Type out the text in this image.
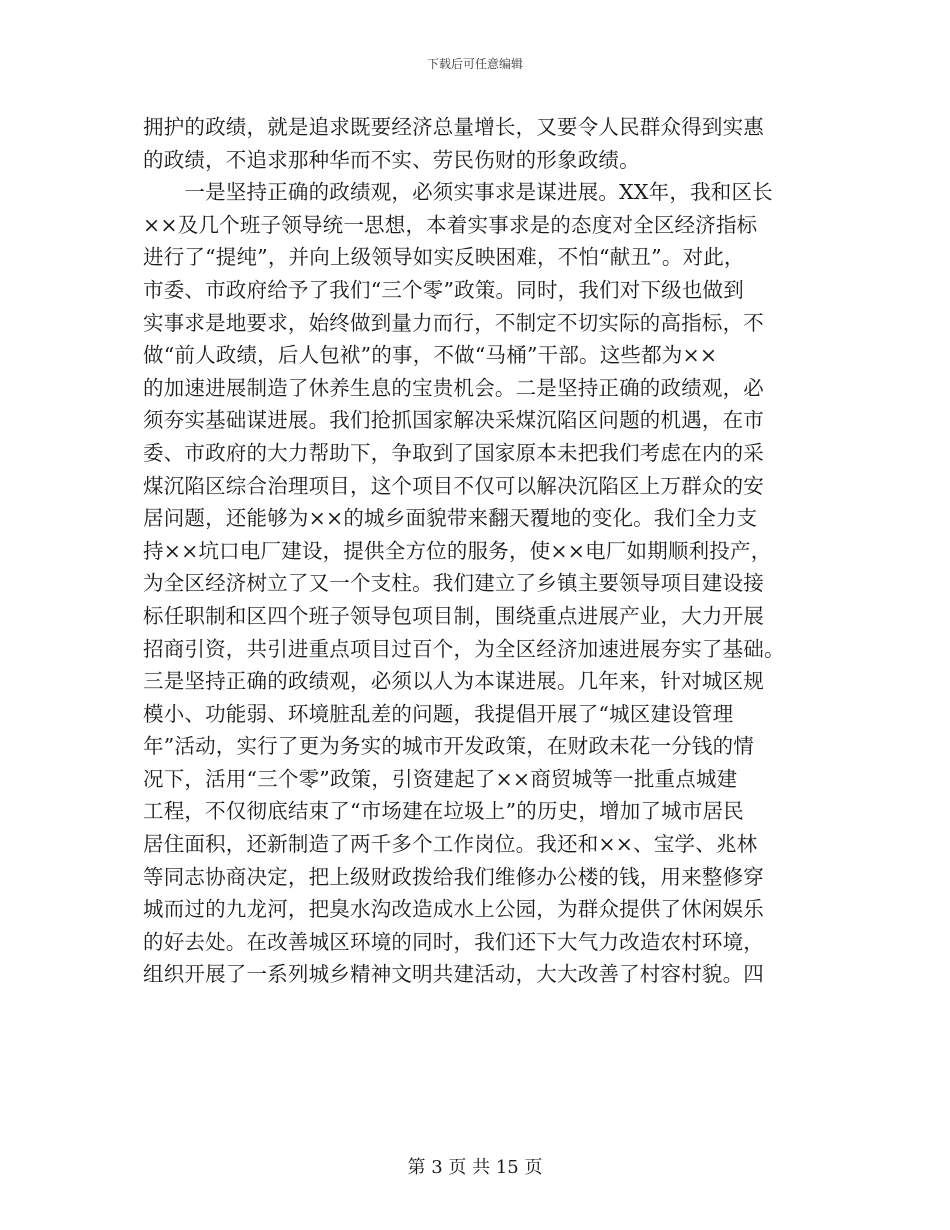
下载后可任意编辑
拥护的政绩，就是追求既要经济总量增长，又要令人民群众得到实惠
的政绩，不追求那种华而不实、劳民伤财的形象政绩。
　　一是坚持正确的政绩观，必须实事求是谋进展。XX年，我和区长
××及几个班子领导统一思想，本着实事求是的态度对全区经济指标
进行了“提纯”，并向上级领导如实反映困难，不怕“献丑”。对此，
市委、市政府给予了我们“三个零”政策。同时，我们对下级也做到
实事求是地要求，始终做到量力而行，不制定不切实际的高指标，不
做“前人政绩，后人包袱”的事，不做“马桶”干部。这些都为××
的加速进展制造了休养生息的宝贵机会。二是坚持正确的政绩观，必
须夯实基础谋进展。我们抢抓国家解决采煤沉陷区问题的机遇，在市
委、市政府的大力帮助下，争取到了国家原本未把我们考虑在内的采
煤沉陷区综合治理项目，这个项目不仅可以解决沉陷区上万群众的安
居问题，还能够为××的城乡面貌带来翻天覆地的变化。我们全力支
持××坑口电厂建设，提供全方位的服务，使××电厂如期顺利投产，
为全区经济树立了又一个支柱。我们建立了乡镇主要领导项目建设接
标任职制和区四个班子领导包项目制，围绕重点进展产业，大力开展
招商引资，共引进重点项目过百个，为全区经济加速进展夯实了基础。
三是坚持正确的政绩观，必须以人为本谋进展。几年来，针对城区规
模小、功能弱、环境脏乱差的问题，我提倡开展了“城区建设管理
年”活动，实行了更为务实的城市开发政策，在财政未花一分钱的情
况下，活用“三个零”政策，引资建起了××商贸城等一批重点城建
工程，不仅彻底结束了“市场建在垃圾上”的历史，增加了城市居民
居住面积，还新制造了两千多个工作岗位。我还和××、宝学、兆林
等同志协商决定，把上级财政拨给我们维修办公楼的钱，用来整修穿
城而过的九龙河，把臭水沟改造成水上公园，为群众提供了休闲娱乐
的好去处。在改善城区环境的同时，我们还下大气力改造农村环境，
组织开展了一系列城乡精神文明共建活动，大大改善了村容村貌。四
第 3 页 共 15 页
